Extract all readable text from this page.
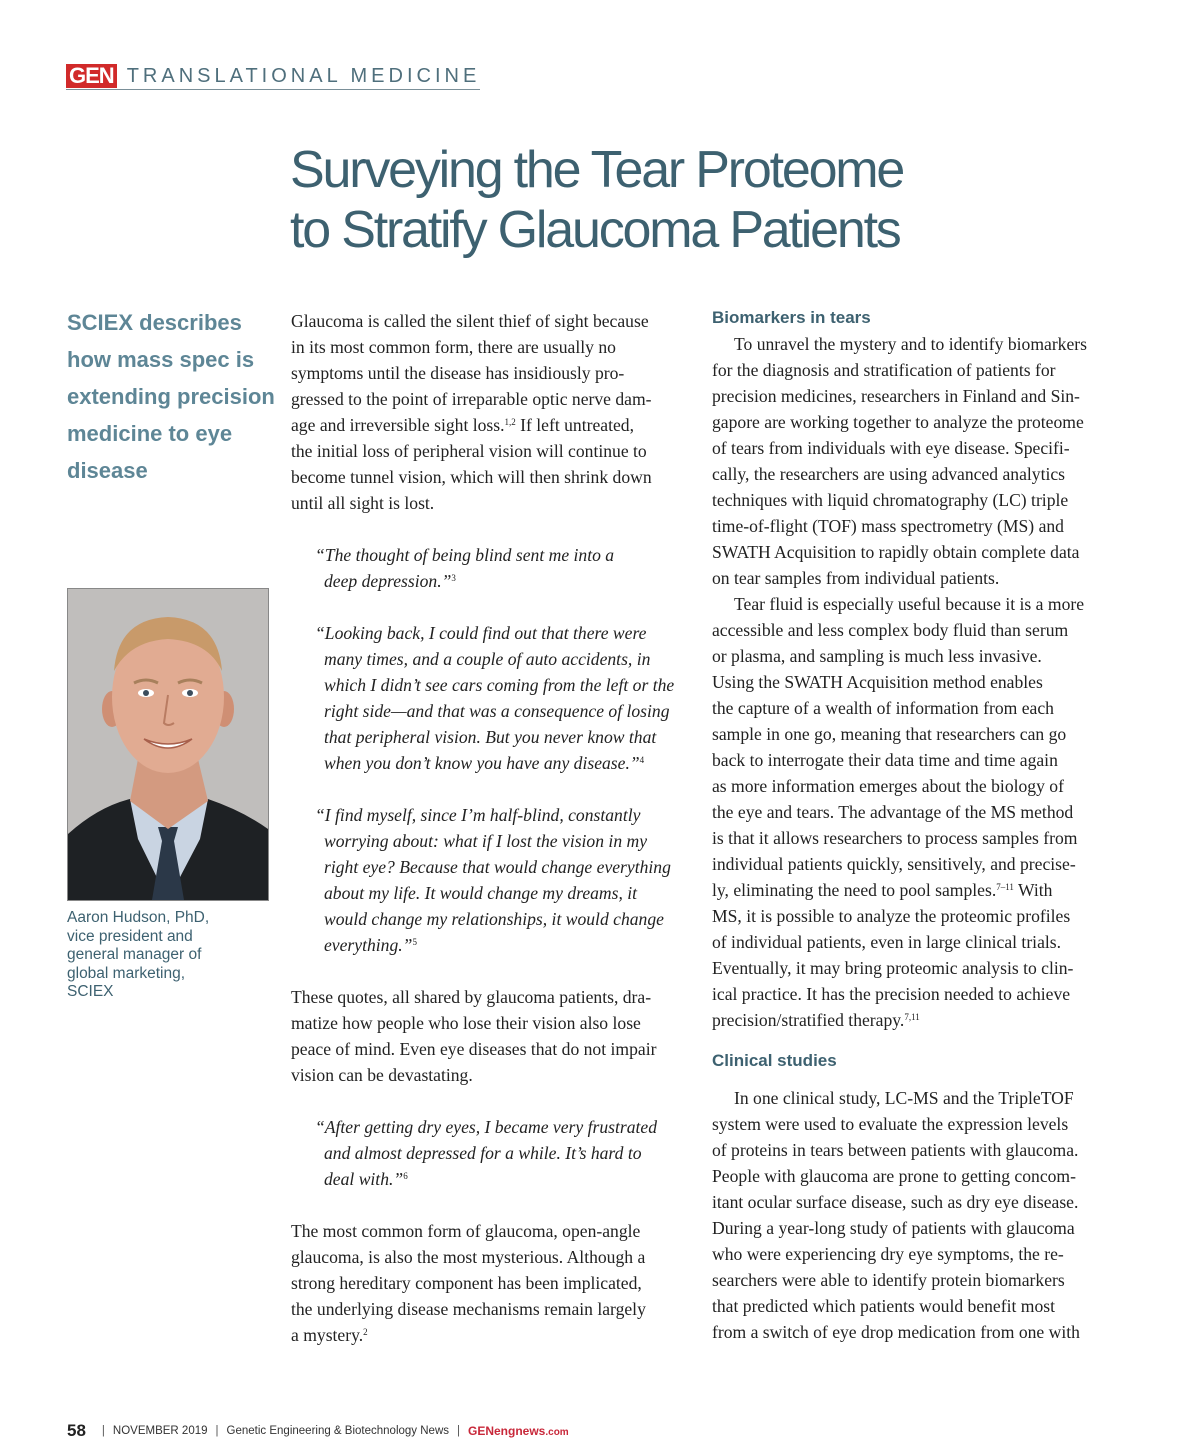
GEN TRANSLATIONAL MEDICINE
Surveying the Tear Proteome
to Stratify Glaucoma Patients
SCIEX describes
how mass spec is
extending precision
medicine to eye
disease
Aaron Hudson, PhD,
vice president and
general manager of
global marketing,
SCIEX
Glaucoma is called the silent thief of sight because
in its most common form, there are usually no
symptoms until the disease has insidiously pro-
gressed to the point of irreparable optic nerve dam-
age and irreversible sight loss.$^{1,2}$ If left untreated,
the initial loss of peripheral vision will continue to
become tunnel vision, which will then shrink down
until all sight is lost.
“The thought of being blind sent me into a
deep depression.”$^3$
“Looking back, I could find out that there were
many times, and a couple of auto accidents, in
which I didn’t see cars coming from the left or the
right side—and that was a consequence of losing
that peripheral vision. But you never know that
when you don’t know you have any disease.”$^4$
“I find myself, since I’m half-blind, constantly
worrying about: what if I lost the vision in my
right eye? Because that would change everything
about my life. It would change my dreams, it
would change my relationships, it would change
everything.”$^5$
These quotes, all shared by glaucoma patients, dra-
matize how people who lose their vision also lose
peace of mind. Even eye diseases that do not impair
vision can be devastating.
“After getting dry eyes, I became very frustrated
and almost depressed for a while. It’s hard to
deal with.”$^6$
The most common form of glaucoma, open-angle
glaucoma, is also the most mysterious. Although a
strong hereditary component has been implicated,
the underlying disease mechanisms remain largely
a mystery.$^2$
Biomarkers in tears
To unravel the mystery and to identify biomarkers
for the diagnosis and stratification of patients for
precision medicines, researchers in Finland and Sin-
gapore are working together to analyze the proteome
of tears from individuals with eye disease. Specifi-
cally, the researchers are using advanced analytics
techniques with liquid chromatography (LC) triple
time-of-flight (TOF) mass spectrometry (MS) and
SWATH Acquisition to rapidly obtain complete data
on tear samples from individual patients.
Tear fluid is especially useful because it is a more
accessible and less complex body fluid than serum
or plasma, and sampling is much less invasive.
Using the SWATH Acquisition method enables
the capture of a wealth of information from each
sample in one go, meaning that researchers can go
back to interrogate their data time and time again
as more information emerges about the biology of
the eye and tears. The advantage of the MS method
is that it allows researchers to process samples from
individual patients quickly, sensitively, and precise-
ly, eliminating the need to pool samples.$^{7-11}$ With
MS, it is possible to analyze the proteomic profiles
of individual patients, even in large clinical trials.
Eventually, it may bring proteomic analysis to clin-
ical practice. It has the precision needed to achieve
precision/stratified therapy.$^{7,11}$
Clinical studies
In one clinical study, LC-MS and the TripleTOF
system were used to evaluate the expression levels
of proteins in tears between patients with glaucoma.
People with glaucoma are prone to getting concom-
itant ocular surface disease, such as dry eye disease.
During a year-long study of patients with glaucoma
who were experiencing dry eye symptoms, the re-
searchers were able to identify protein biomarkers
that predicted which patients would benefit most
from a switch of eye drop medication from one with
58 | NOVEMBER 2019 | Genetic Engineering & Biotechnology News | GENengnews.com
